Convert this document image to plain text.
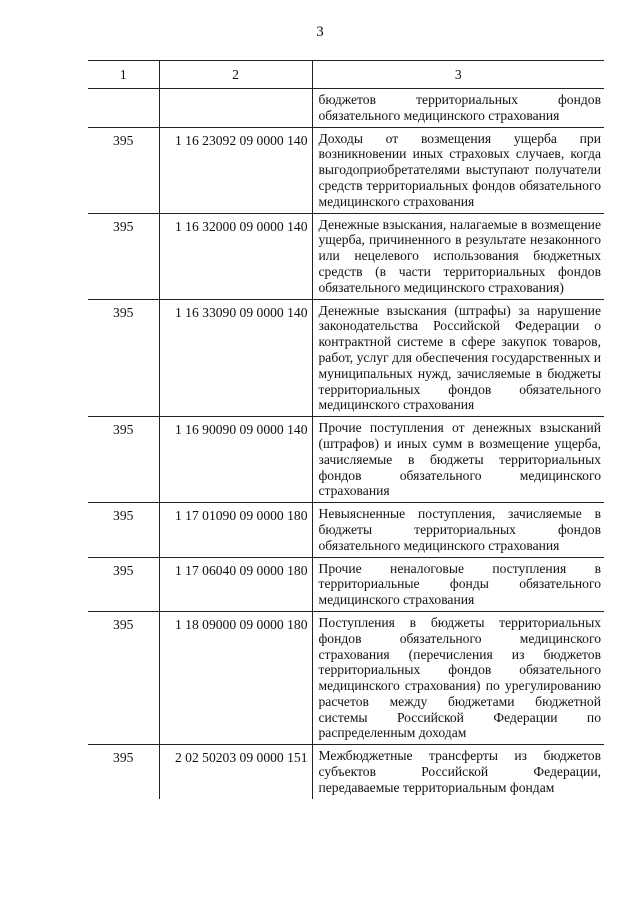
3
1	2	3
		бюджетов территориальных фондов обязательного медицинского страхования
395	1 16 23092 09 0000 140	Доходы от возмещения ущерба при возникновении иных страховых случаев, когда выгодоприобретателями выступают получатели средств территориальных фондов обязательного медицинского страхования
395	1 16 32000 09 0000 140	Денежные взыскания, налагаемые в возмещение ущерба, причиненного в результате незаконного или нецелевого использования бюджетных средств (в части территориальных фондов обязательного медицинского страхования)
395	1 16 33090 09 0000 140	Денежные взыскания (штрафы) за нарушение законодательства Российской Федерации о контрактной системе в сфере закупок товаров, работ, услуг для обеспечения государственных и муниципальных нужд, зачисляемые в бюджеты территориальных фондов обязательного медицинского страхования
395	1 16 90090 09 0000 140	Прочие поступления от денежных взысканий (штрафов) и иных сумм в возмещение ущерба, зачисляемые в бюджеты территориальных фондов обязательного медицинского страхования
395	1 17 01090 09 0000 180	Невыясненные поступления, зачисляемые в бюджеты территориальных фондов обязательного медицинского страхования
395	1 17 06040 09 0000 180	Прочие неналоговые поступления в территориальные фонды обязательного медицинского страхования
395	1 18 09000 09 0000 180	Поступления в бюджеты территориальных фондов обязательного медицинского страхования (перечисления из бюджетов территориальных фондов обязательного медицинского страхования) по урегулированию расчетов между бюджетами бюджетной системы Российской Федерации по распределенным доходам
395	2 02 50203 09 0000 151	Межбюджетные трансферты из бюджетов субъектов Российской Федерации, передаваемые территориальным фондам
